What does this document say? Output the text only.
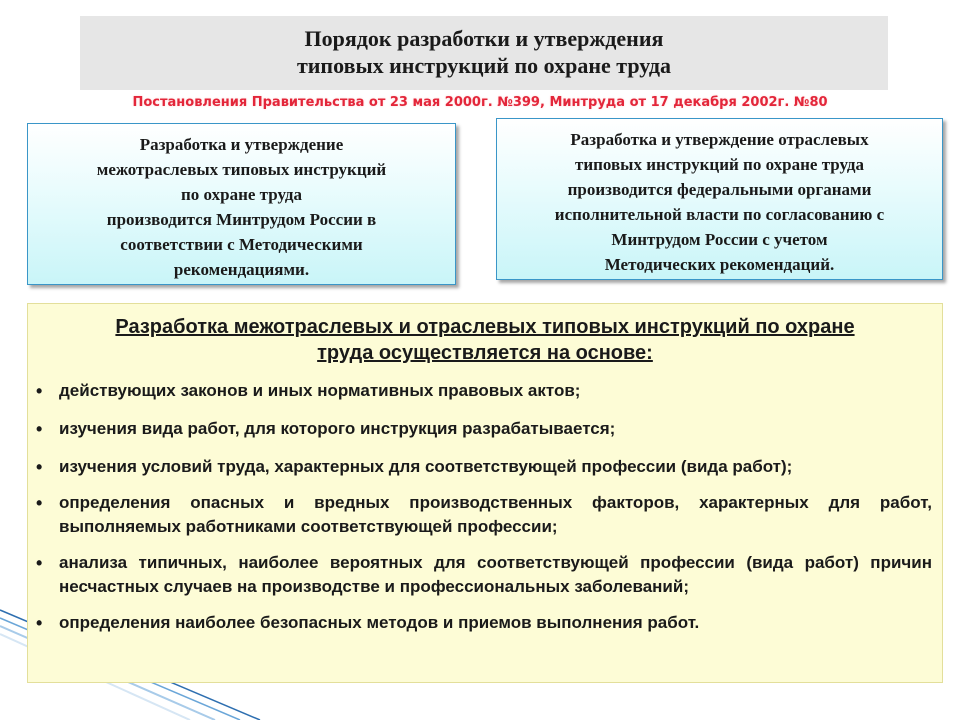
Порядок разработки и утверждения
типовых инструкций по охране труда
Постановления Правительства от 23 мая 2000г. №399, Минтруда от 17 декабря 2002г. №80
Разработка и утверждение
межотраслевых типовых инструкций
по охране труда
производится Минтрудом России в
соответствии с Методическими
рекомендациями.
Разработка и утверждение отраслевых
типовых инструкций по охране труда
производится федеральными органами
исполнительной власти по согласованию с
Минтрудом России с учетом
Методических рекомендаций.
Разработка межотраслевых и отраслевых типовых инструкций по охране
труда осуществляется на основе:
• действующих законов и иных нормативных правовых актов;
• изучения вида работ, для которого инструкция разрабатывается;
• изучения условий труда, характерных для соответствующей профессии (вида работ);
• определения опасных и вредных производственных факторов, характерных для работ, выполняемых работниками соответствующей профессии;
• анализа типичных, наиболее вероятных для соответствующей профессии (вида работ) причин несчастных случаев на производстве и профессиональных заболеваний;
• определения наиболее безопасных методов и приемов выполнения работ.
